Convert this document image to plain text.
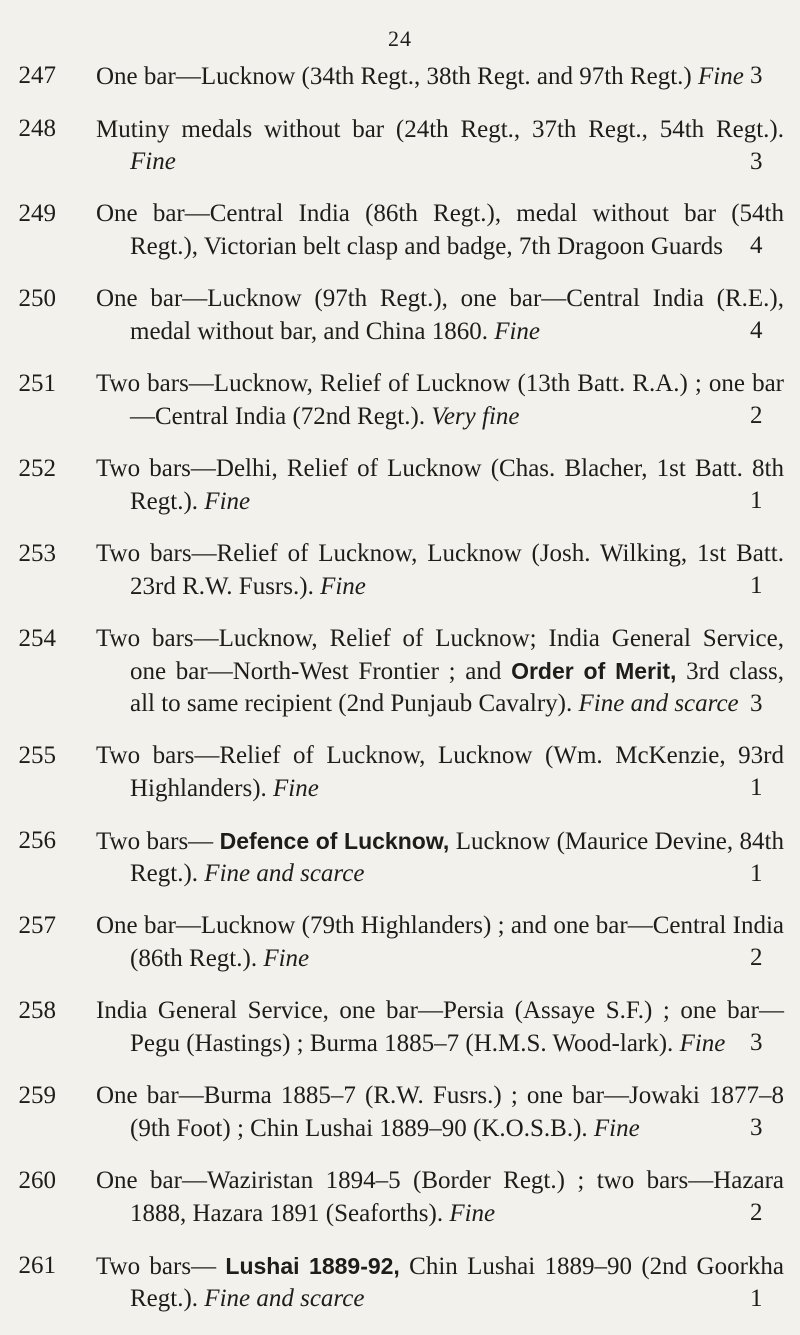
24
247 One bar—Lucknow (34th Regt., 38th Regt. and 97th Regt.) Fine 3
248 Mutiny medals without bar (24th Regt., 37th Regt., 54th Regt.). Fine	3
249 One bar—Central India (86th Regt.), medal without bar (54th Regt.), Victorian belt clasp and badge, 7th Dragoon Guards 4
250 One bar—Lucknow (97th Regt.), one bar—Central India (R.E.), medal without bar, and China 1860. Fine	4
251 Two bars—Lucknow, Relief of Lucknow (13th Batt. R.A.) ; one bar—Central India (72nd Regt.). Very fine	2
252 Two bars—Delhi, Relief of Lucknow (Chas. Blacher, 1st Batt. 8th Regt.). Fine	1
253 Two bars—Relief of Lucknow, Lucknow (Josh. Wilking, 1st Batt. 23rd R.W. Fusrs.). Fine	1
254 Two bars—Lucknow, Relief of Lucknow; India General Service, one bar—North-West Frontier ; and Order of Merit, 3rd class, all to same recipient (2nd Punjaub Cavalry). Fine and scarce 3
255 Two bars—Relief of Lucknow, Lucknow (Wm. McKenzie, 93rd Highlanders). Fine	1
256 Two bars— Defence of Lucknow, Lucknow (Maurice Devine, 84th Regt.). Fine and scarce	1
257 One bar—Lucknow (79th Highlanders) ; and one bar—Central India (86th Regt.). Fine	2
258 India General Service, one bar—Persia (Assaye S.F.) ; one bar—Pegu (Hastings) ; Burma 1885–7 (H.M.S. Wood-lark). Fine 3
259 One bar—Burma 1885–7 (R.W. Fusrs.) ; one bar—Jowaki 1877–8 (9th Foot) ; Chin Lushai 1889–90 (K.O.S.B.). Fine	3
260 One bar—Waziristan 1894–5 (Border Regt.) ; two bars—Hazara 1888, Hazara 1891 (Seaforths). Fine	2
261 Two bars— Lushai 1889-92, Chin Lushai 1889–90 (2nd Goorkha Regt.). Fine and scarce	1
